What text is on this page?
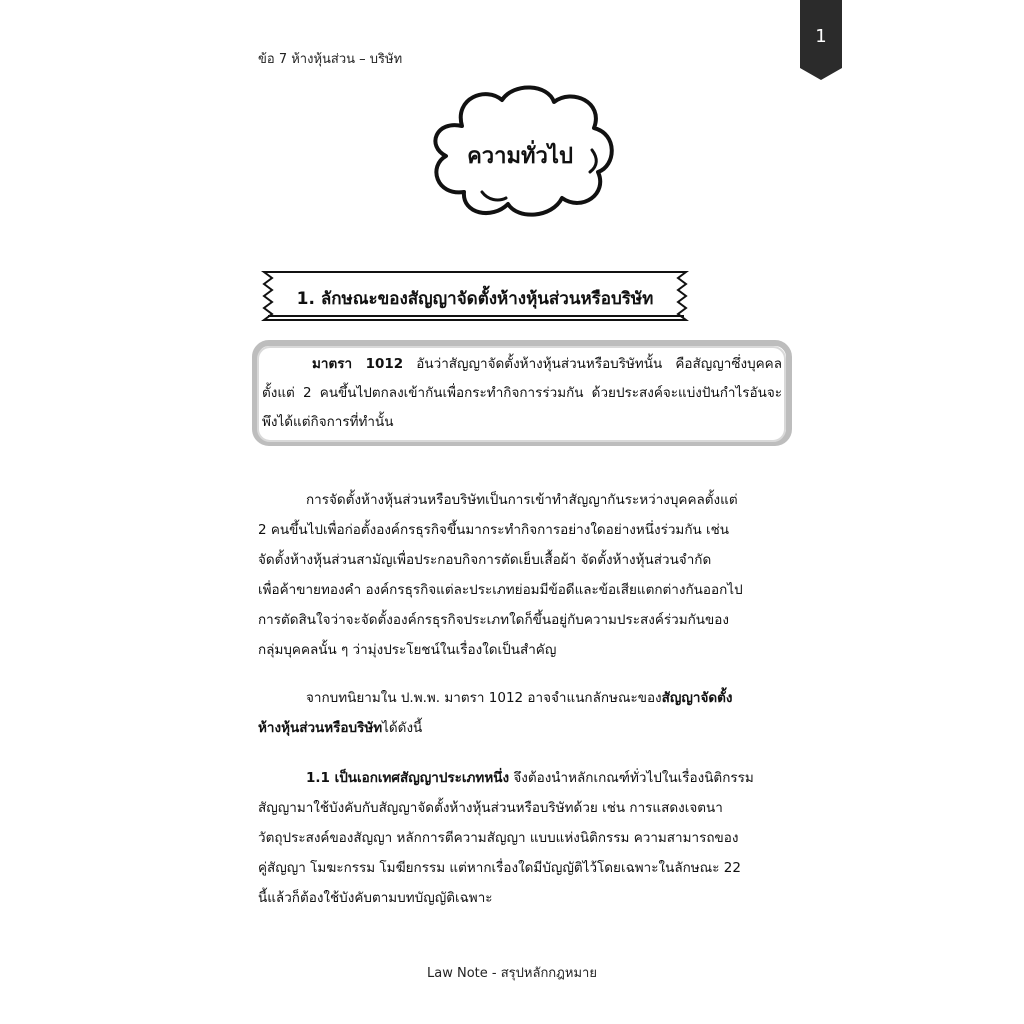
1
ข้อ 7 ห้างหุ้นส่วน – บริษัท
ความทั่วไป
1. ลักษณะของสัญญาจัดตั้งห้างหุ้นส่วนหรือบริษัท
มาตรา 1012 อันว่าสัญญาจัดตั้งห้างหุ้นส่วนหรือบริษัทนั้น คือสัญญาซึ่งบุคคลตั้งแต่ 2 คนขึ้นไปตกลงเข้ากันเพื่อกระทำกิจการร่วมกัน ด้วยประสงค์จะแบ่งปันกำไรอันจะพึงได้แต่กิจการที่ทำนั้น
การจัดตั้งห้างหุ้นส่วนหรือบริษัทเป็นการเข้าทำสัญญากันระหว่างบุคคลตั้งแต่
2 คนขึ้นไปเพื่อก่อตั้งองค์กรธุรกิจขึ้นมากระทำกิจการอย่างใดอย่างหนึ่งร่วมกัน เช่น
จัดตั้งห้างหุ้นส่วนสามัญเพื่อประกอบกิจการตัดเย็บเสื้อผ้า จัดตั้งห้างหุ้นส่วนจำกัด
เพื่อค้าขายทองคำ องค์กรธุรกิจแต่ละประเภทย่อมมีข้อดีและข้อเสียแตกต่างกันออกไป
การตัดสินใจว่าจะจัดตั้งองค์กรธุรกิจประเภทใดก็ขึ้นอยู่กับความประสงค์ร่วมกันของ
กลุ่มบุคคลนั้น ๆ ว่ามุ่งประโยชน์ในเรื่องใดเป็นสำคัญ
จากบทนิยามใน ป.พ.พ. มาตรา 1012 อาจจำแนกลักษณะของสัญญาจัดตั้ง
ห้างหุ้นส่วนหรือบริษัทได้ดังนี้
1.1 เป็นเอกเทศสัญญาประเภทหนึ่ง จึงต้องนำหลักเกณฑ์ทั่วไปในเรื่องนิติกรรม
สัญญามาใช้บังคับกับสัญญาจัดตั้งห้างหุ้นส่วนหรือบริษัทด้วย เช่น การแสดงเจตนา
วัตถุประสงค์ของสัญญา หลักการตีความสัญญา แบบแห่งนิติกรรม ความสามารถของ
คู่สัญญา โมฆะกรรม โมฆียกรรม แต่หากเรื่องใดมีบัญญัติไว้โดยเฉพาะในลักษณะ 22
นี้แล้วก็ต้องใช้บังคับตามบทบัญญัติเฉพาะ
Law Note - สรุปหลักกฎหมาย
